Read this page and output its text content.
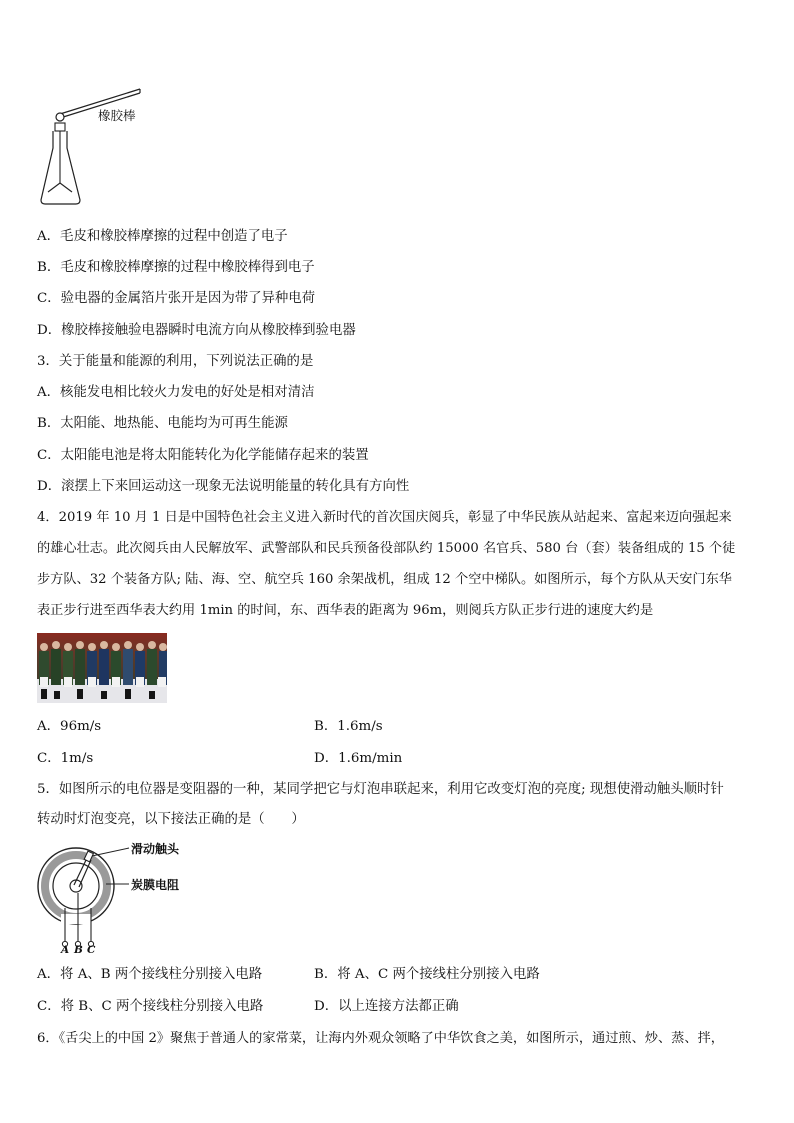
橡胶棒
A．毛皮和橡胶棒摩擦的过程中创造了电子
B．毛皮和橡胶棒摩擦的过程中橡胶棒得到电子
C．验电器的金属箔片张开是因为带了异种电荷
D．橡胶棒接触验电器瞬时电流方向从橡胶棒到验电器
3．关于能量和能源的利用，下列说法正确的是
A．核能发电相比较火力发电的好处是相对清洁
B．太阳能、地热能、电能均为可再生能源
C．太阳能电池是将太阳能转化为化学能储存起来的装置
D．滚摆上下来回运动这一现象无法说明能量的转化具有方向性
4．2019 年 10 月 1 日是中国特色社会主义进入新时代的首次国庆阅兵，彰显了中华民族从站起来、富起来迈向强起来
的雄心壮志。此次阅兵由人民解放军、武警部队和民兵预备役部队约 15000 名官兵、580 台（套）装备组成的 15 个徒
步方队、32 个装备方队; 陆、海、空、航空兵 160 余架战机，组成 12 个空中梯队。如图所示，每个方队从天安门东华
表正步行进至西华表大约用 1min 的时间，东、西华表的距离为 96m，则阅兵方队正步行进的速度大约是
A．96m/s	B．1.6m/s
C．1m/s	D．1.6m/min
5．如图所示的电位器是变阻器的一种，某同学把它与灯泡串联起来，利用它改变灯泡的亮度; 现想使滑动触头顺时针
转动时灯泡变亮，以下接法正确的是（　　）
滑动触头
炭膜电阻
A B C
A．将 A、B 两个接线柱分别接入电路	B．将 A、C 两个接线柱分别接入电路
C．将 B、C 两个接线柱分别接入电路	D．以上连接方法都正确
6．《舌尖上的中国 2》聚焦于普通人的家常菜，让海内外观众领略了中华饮食之美，如图所示，通过煎、炒、蒸、拌，
